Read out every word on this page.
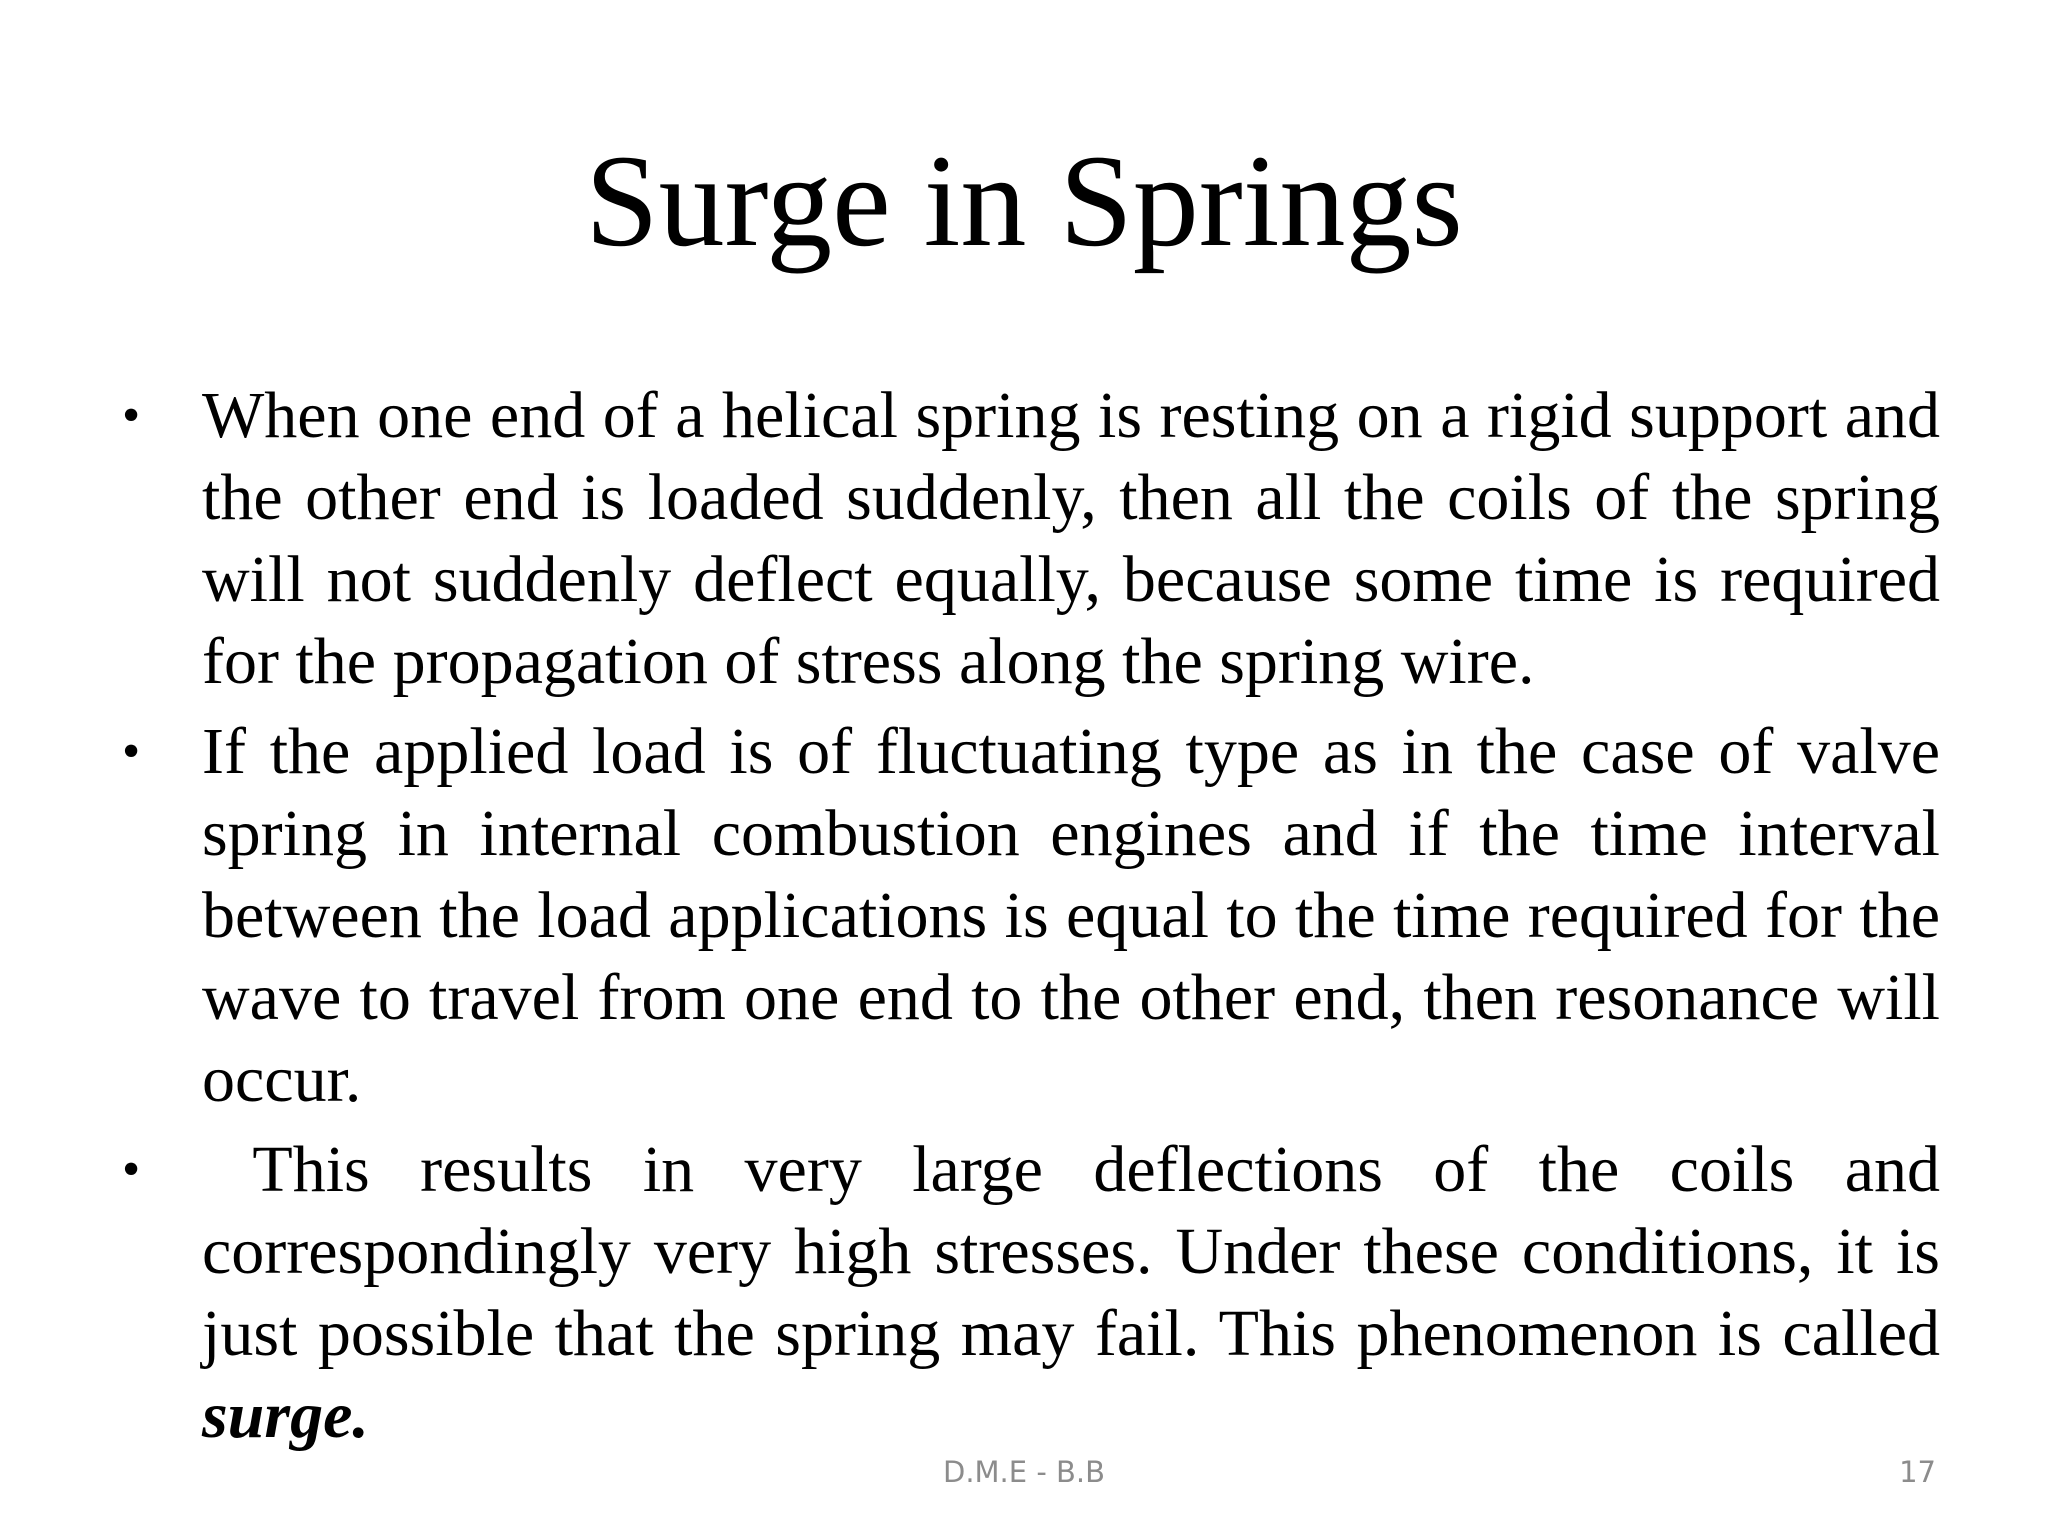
Surge in Springs
• When one end of a helical spring is resting on a rigid support and the other end is loaded suddenly, then all the coils of the spring will not suddenly deflect equally, because some time is required for the propagation of stress along the spring wire.
• If the applied load is of fluctuating type as in the case of valve spring in internal combustion engines and if the time interval between the load applications is equal to the time required for the wave to travel from one end to the other end, then resonance will occur.
• This results in very large deflections of the coils and correspondingly very high stresses. Under these conditions, it is just possible that the spring may fail. This phenomenon is called surge.
D.M.E - B.B	17
